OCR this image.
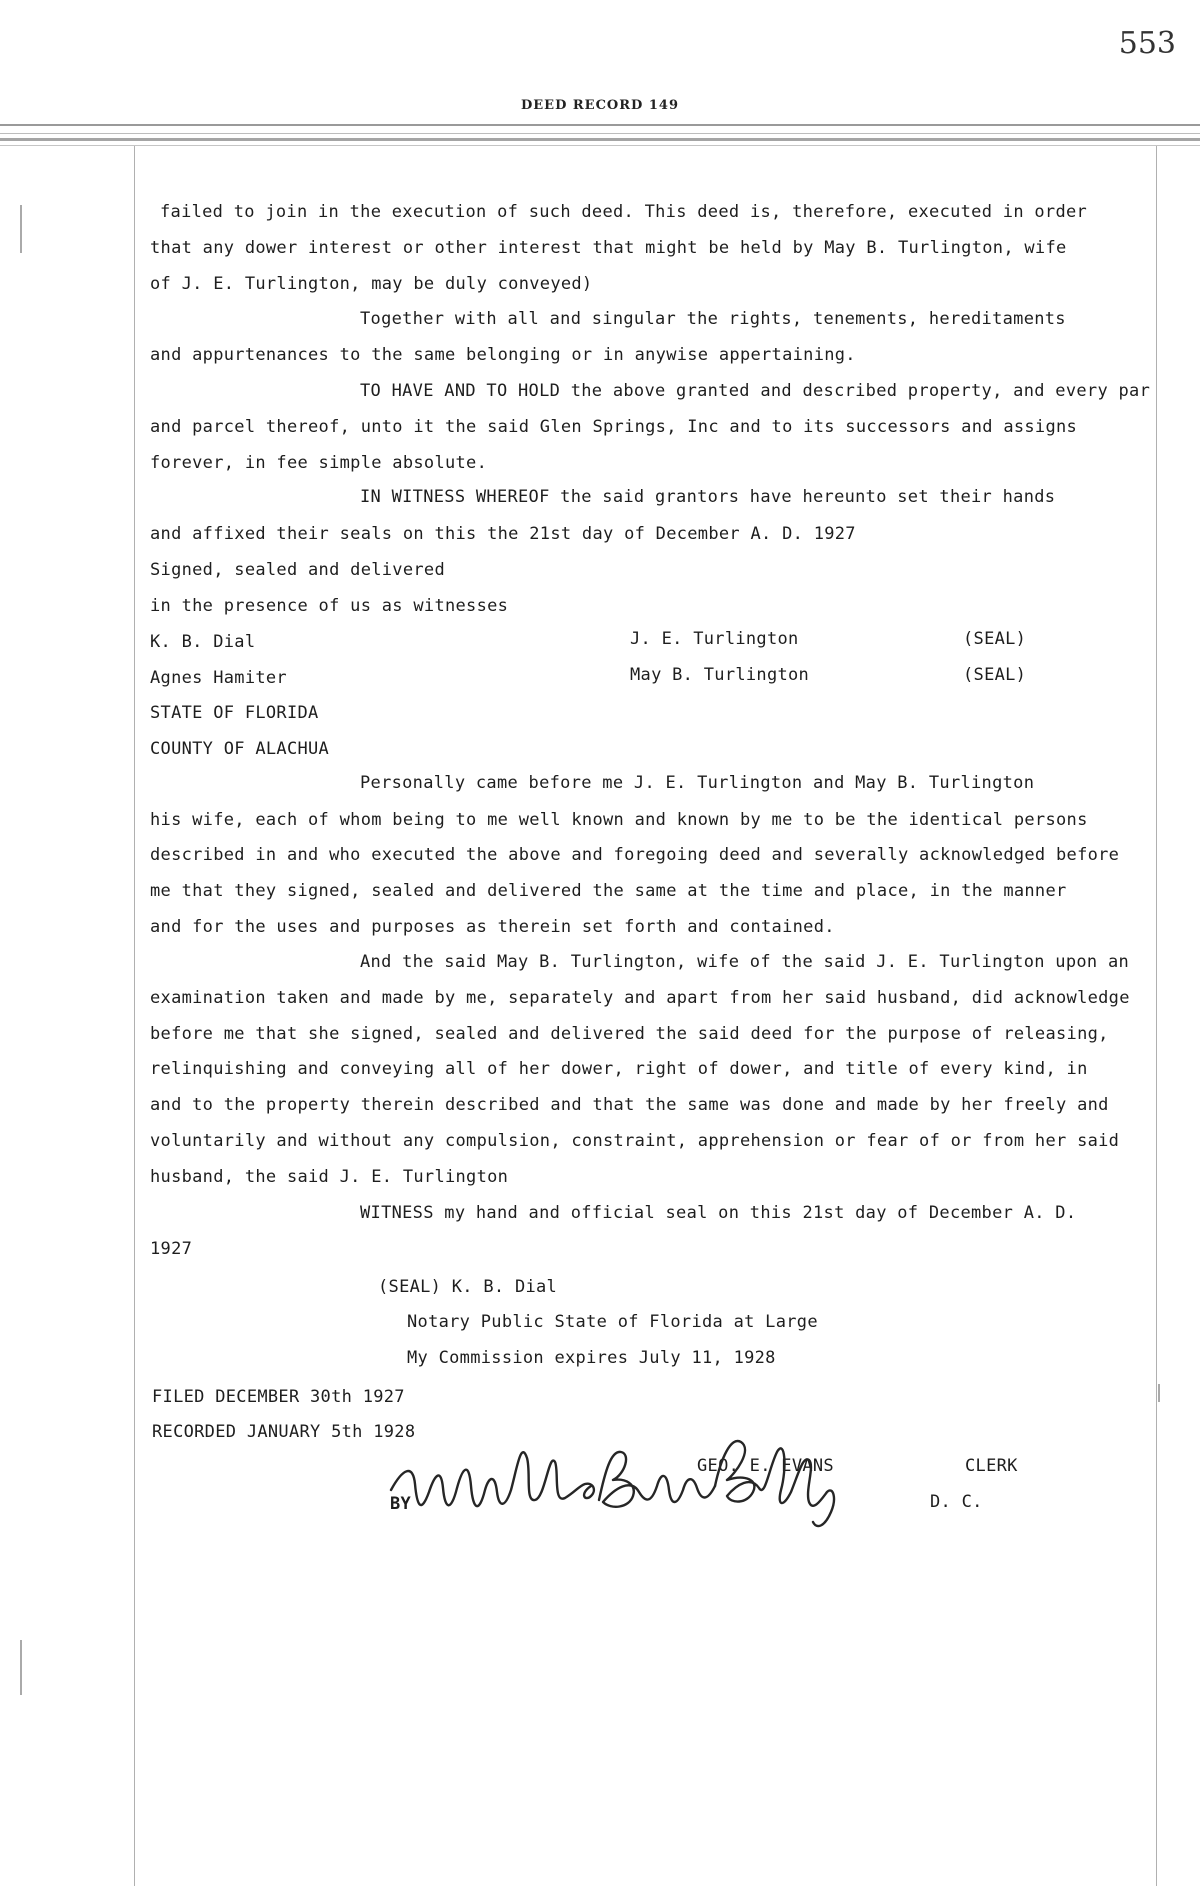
553
DEED RECORD 149
failed to join in the execution of such deed. This deed is, therefore, executed in order
that any dower interest or other interest that might be held by May B. Turlington, wife
of J. E. Turlington, may be duly conveyed)
Together with all and singular the rights, tenements, hereditaments
and appurtenances to the same belonging or in anywise appertaining.
TO HAVE AND TO HOLD the above granted and described property, and every par
and parcel thereof, unto it the said Glen Springs, Inc and to its successors and assigns
forever, in fee simple absolute.
IN WITNESS WHEREOF the said grantors have hereunto set their hands
and affixed their seals on this the 21st day of December A. D. 1927
Signed, sealed and delivered
in the presence of us as witnesses
K. B. Dial	J. E. Turlington	(SEAL)
Agnes Hamiter	May B. Turlington	(SEAL)
STATE OF FLORIDA
COUNTY OF ALACHUA
Personally came before me J. E. Turlington and May B. Turlington
his wife, each of whom being to me well known and known by me to be the identical persons
described in and who executed the above and foregoing deed and severally acknowledged before
me that they signed, sealed and delivered the same at the time and place, in the manner
and for the uses and purposes as therein set forth and contained.
And the said May B. Turlington, wife of the said J. E. Turlington upon an
examination taken and made by me, separately and apart from her said husband, did acknowledge
before me that she signed, sealed and delivered the said deed for the purpose of releasing,
relinquishing and conveying all of her dower, right of dower, and title of every kind, in
and to the property therein described and that the same was done and made by her freely and
voluntarily and without any compulsion, constraint, apprehension or fear of or from her said
husband, the said J. E. Turlington
WITNESS my hand and official seal on this 21st day of December A. D.
1927
(SEAL) K. B. Dial
Notary Public State of Florida at Large
My Commission expires July 11, 1928
FILED DECEMBER 30th 1927
RECORDED JANUARY 5th 1928
GEO. E. EVANS	CLERK
BY	D. C.
